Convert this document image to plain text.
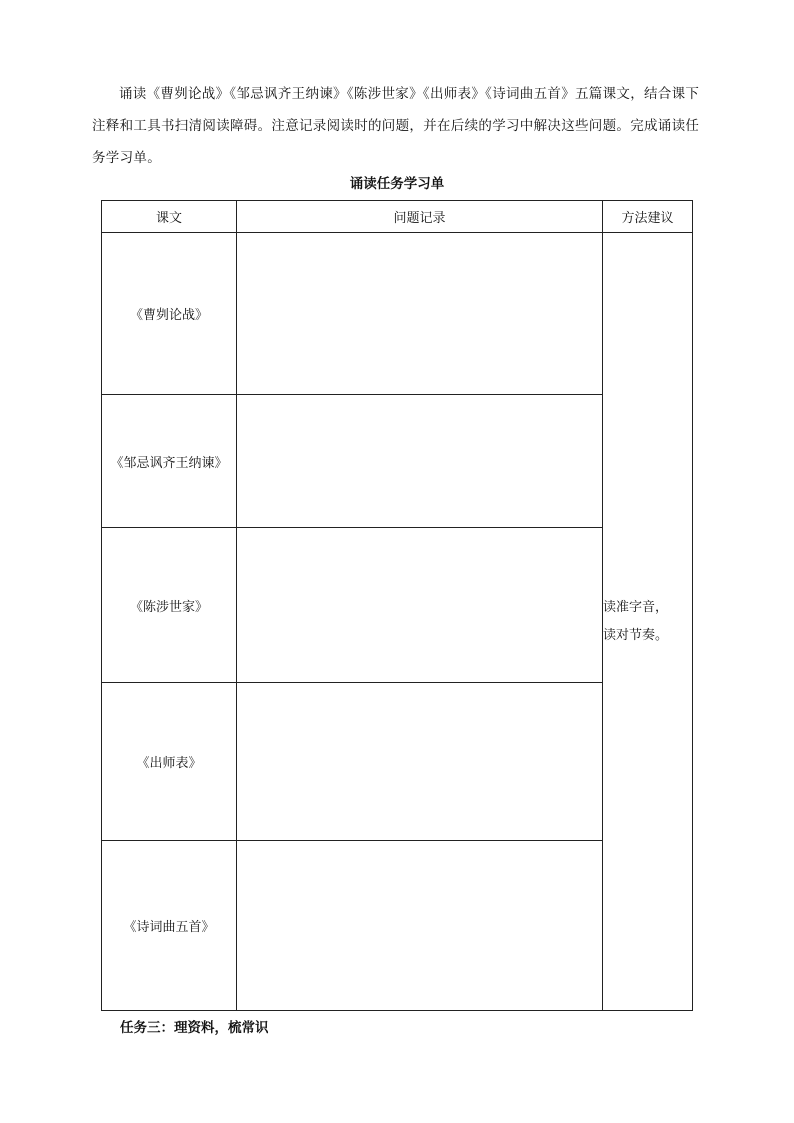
诵读《曹刿论战》《邹忌讽齐王纳谏》《陈涉世家》《出师表》《诗词曲五首》五篇课文，结合课下注释和工具书扫清阅读障碍。注意记录阅读时的问题，并在后续的学习中解决这些问题。完成诵读任务学习单。
诵读任务学习单
课文	问题记录	方法建议
《曹刿论战》		读准字音，
读对节奏。

《邹忌讽齐王纳谏》		
《陈涉世家》		
《出师表》		
《诗词曲五首》		
任务三：理资料，梳常识
